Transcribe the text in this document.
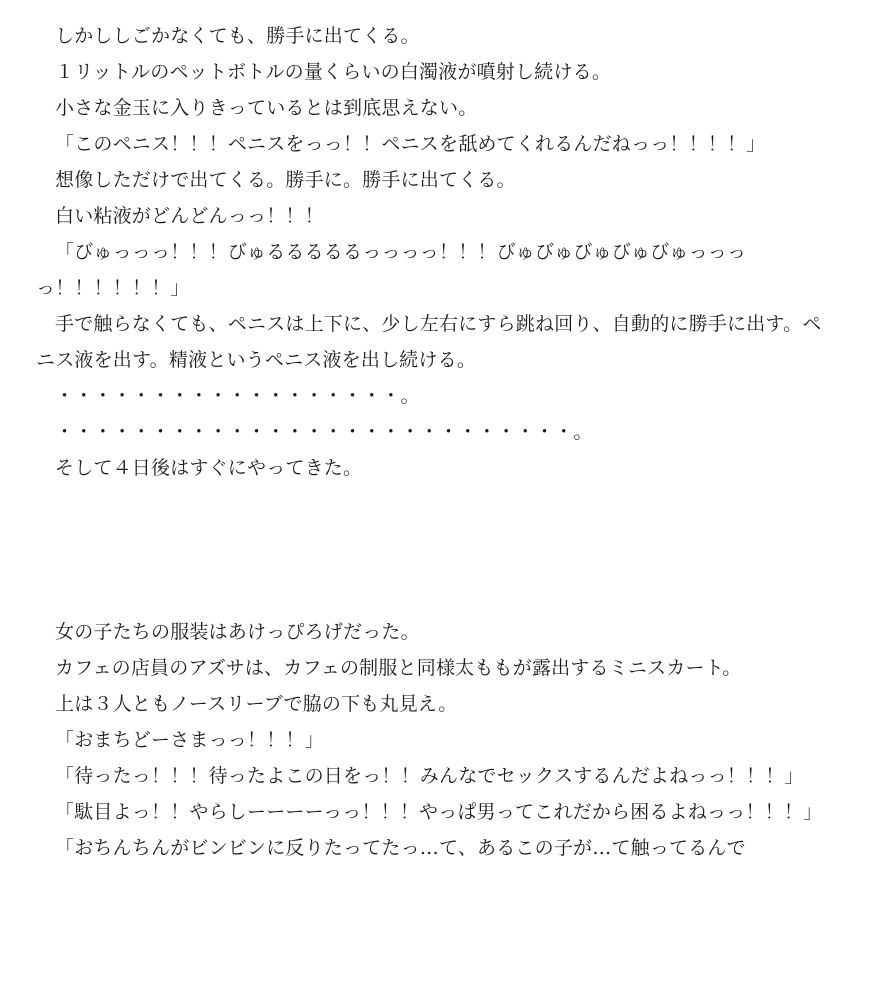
しかししごかなくても、勝手に出てくる。

１リットルのペットボトルの量くらいの白濁液が噴射し続ける。

小さな金玉に入りきっているとは到底思えない。

「このペニス！！！ペニスをっっ！！ペニスを舐めてくれるんだねっっ！！！！」

想像しただけで出てくる。勝手に。勝手に出てくる。

白い粘液がどんどんっっ！！！

「びゅっっっ！！！びゅるるるるるっっっっ！！！びゅびゅびゅびゅびゅっっっっ！！！！！！」

手で触らなくても、ペニスは上下に、少し左右にすら跳ね回り、自動的に勝手に出す。ペニス液を出す。精液というペニス液を出し続ける。

・・・・・・・・・・・・・・・・・・。

・・・・・・・・・・・・・・・・・・・・・・・・・・・。

そして４日後はすぐにやってきた。

女の子たちの服装はあけっぴろげだった。

カフェの店員のアズサは、カフェの制服と同様太ももが露出するミニスカート。

上は３人ともノースリーブで脇の下も丸見え。

「おまちどーさまっっ！！！」

「待ったっ！！！待ったよこの日をっ！！みんなでセックスするんだよねっっ！！！」

「駄目よっ！！やらしーーーーっっ！！！やっぱ男ってこれだから困るよねっっ！！！」

「おちんちんがビンビンに反りたってたっ…て、あるこの子が…て触ってるんで
